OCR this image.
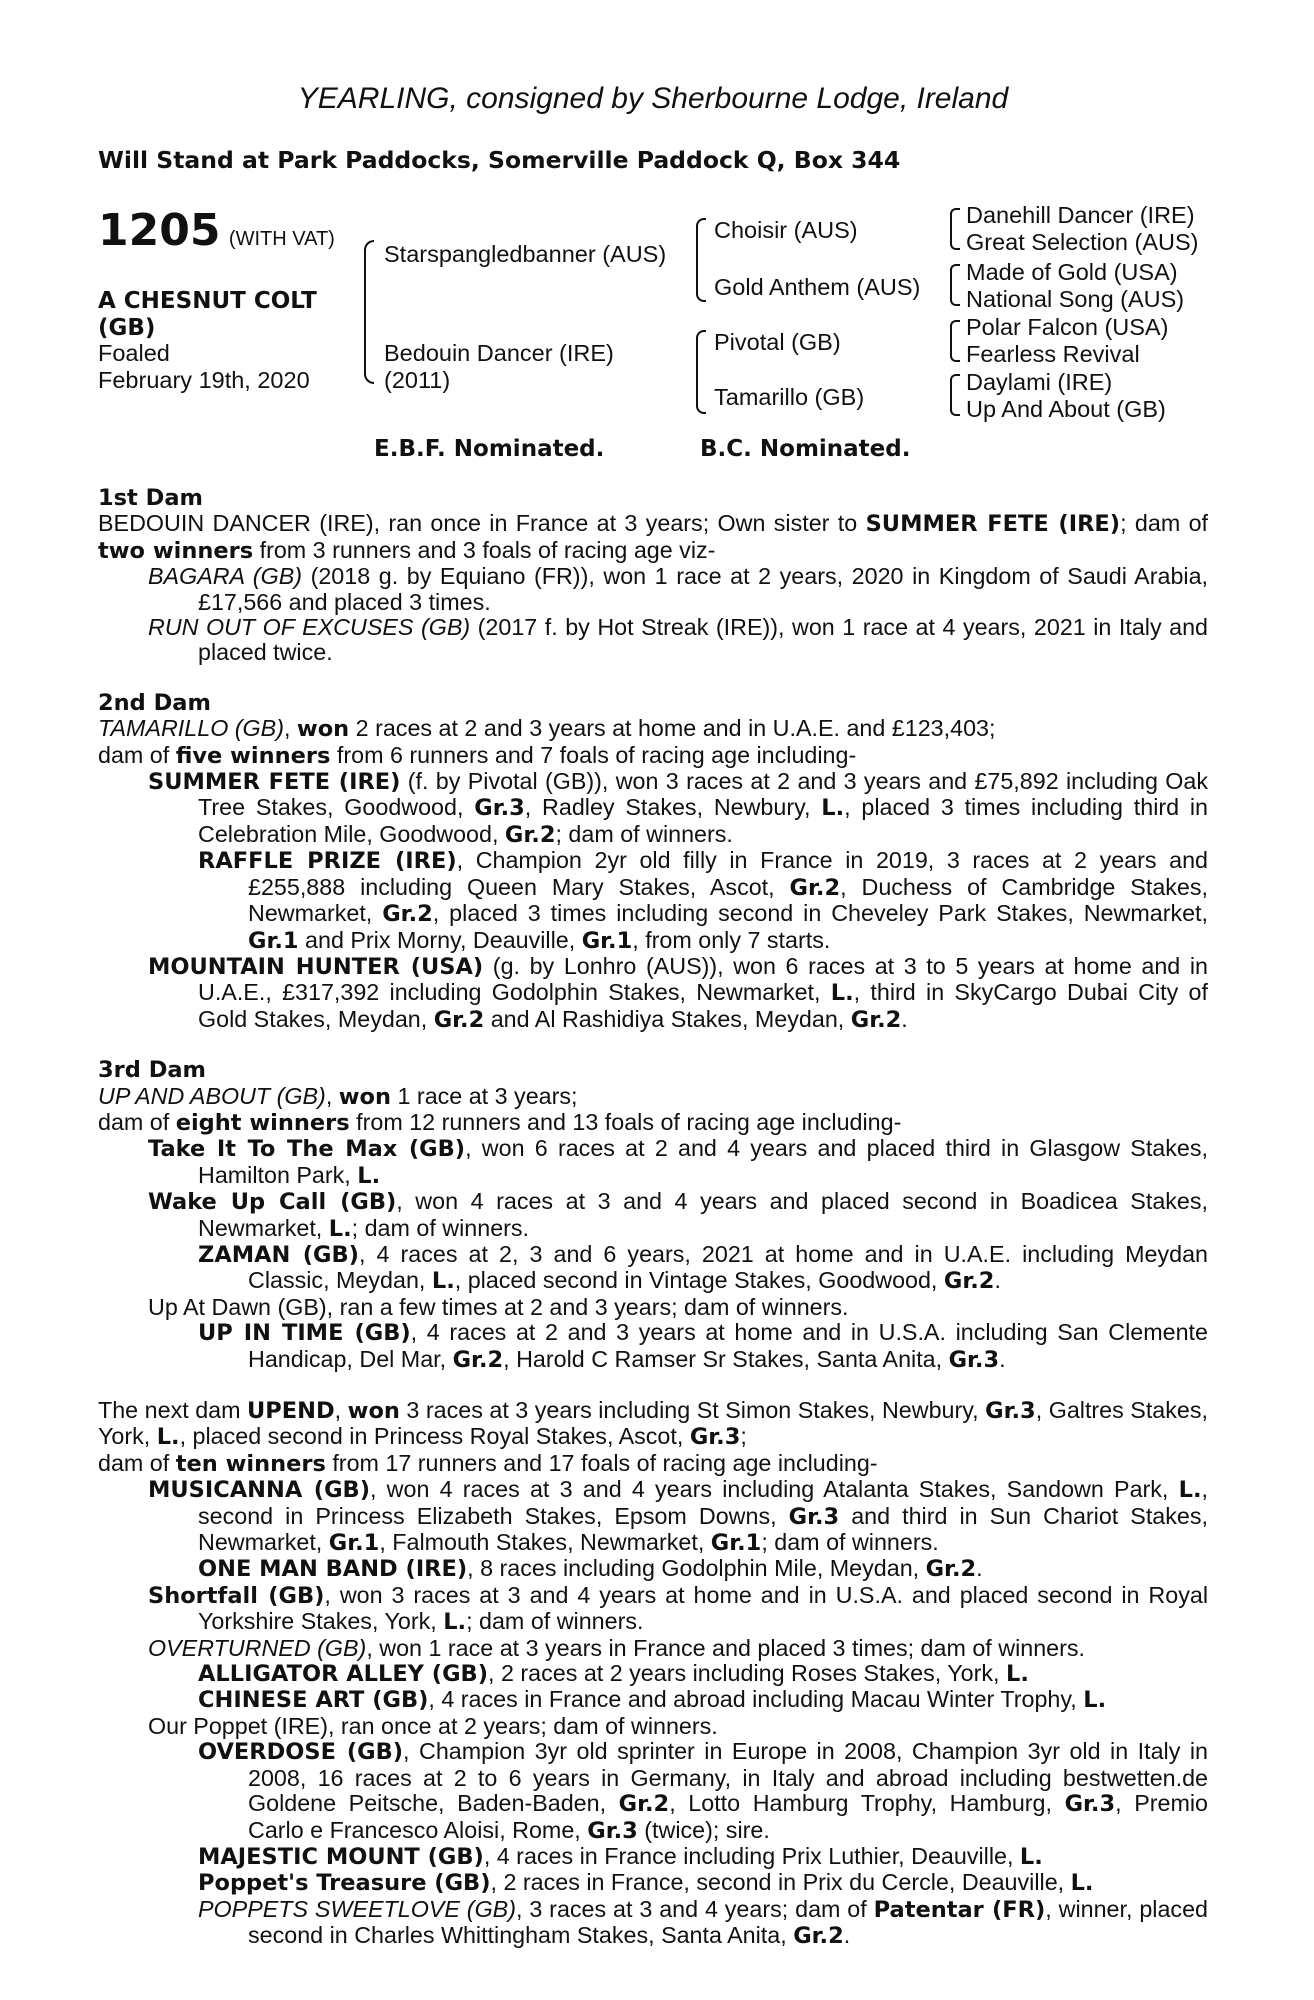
YEARLING, consigned by Sherbourne Lodge, Ireland
Will Stand at Park Paddocks, Somerville Paddock Q, Box 344
1205 (WITH VAT)
A CHESNUT COLT
(GB)
Foaled
February 19th, 2020
Starspangledbanner (AUS)
Bedouin Dancer (IRE)
(2011)
Choisir (AUS)
Gold Anthem (AUS)
Pivotal (GB)
Tamarillo (GB)
Danehill Dancer (IRE)
Great Selection (AUS)
Made of Gold (USA)
National Song (AUS)
Polar Falcon (USA)
Fearless Revival
Daylami (IRE)
Up And About (GB)
E.B.F. Nominated.	B.C. Nominated.
1st Dam
BEDOUIN DANCER (IRE), ran once in France at 3 years; Own sister to SUMMER FETE (IRE); dam of two winners from 3 runners and 3 foals of racing age viz-
BAGARA (GB) (2018 g. by Equiano (FR)), won 1 race at 2 years, 2020 in Kingdom of Saudi Arabia, £17,566 and placed 3 times.
RUN OUT OF EXCUSES (GB) (2017 f. by Hot Streak (IRE)), won 1 race at 4 years, 2021 in Italy and placed twice.
2nd Dam
TAMARILLO (GB), won 2 races at 2 and 3 years at home and in U.A.E. and £123,403;
dam of five winners from 6 runners and 7 foals of racing age including-
SUMMER FETE (IRE) (f. by Pivotal (GB)), won 3 races at 2 and 3 years and £75,892 including Oak Tree Stakes, Goodwood, Gr.3, Radley Stakes, Newbury, L., placed 3 times including third in Celebration Mile, Goodwood, Gr.2; dam of winners.
RAFFLE PRIZE (IRE), Champion 2yr old filly in France in 2019, 3 races at 2 years and £255,888 including Queen Mary Stakes, Ascot, Gr.2, Duchess of Cambridge Stakes, Newmarket, Gr.2, placed 3 times including second in Cheveley Park Stakes, Newmarket, Gr.1 and Prix Morny, Deauville, Gr.1, from only 7 starts.
MOUNTAIN HUNTER (USA) (g. by Lonhro (AUS)), won 6 races at 3 to 5 years at home and in U.A.E., £317,392 including Godolphin Stakes, Newmarket, L., third in SkyCargo Dubai City of Gold Stakes, Meydan, Gr.2 and Al Rashidiya Stakes, Meydan, Gr.2.
3rd Dam
UP AND ABOUT (GB), won 1 race at 3 years;
dam of eight winners from 12 runners and 13 foals of racing age including-
Take It To The Max (GB), won 6 races at 2 and 4 years and placed third in Glasgow Stakes, Hamilton Park, L.
Wake Up Call (GB), won 4 races at 3 and 4 years and placed second in Boadicea Stakes, Newmarket, L.; dam of winners.
ZAMAN (GB), 4 races at 2, 3 and 6 years, 2021 at home and in U.A.E. including Meydan Classic, Meydan, L., placed second in Vintage Stakes, Goodwood, Gr.2.
Up At Dawn (GB), ran a few times at 2 and 3 years; dam of winners.
UP IN TIME (GB), 4 races at 2 and 3 years at home and in U.S.A. including San Clemente Handicap, Del Mar, Gr.2, Harold C Ramser Sr Stakes, Santa Anita, Gr.3.
The next dam UPEND, won 3 races at 3 years including St Simon Stakes, Newbury, Gr.3, Galtres Stakes, York, L., placed second in Princess Royal Stakes, Ascot, Gr.3;
dam of ten winners from 17 runners and 17 foals of racing age including-
MUSICANNA (GB), won 4 races at 3 and 4 years including Atalanta Stakes, Sandown Park, L., second in Princess Elizabeth Stakes, Epsom Downs, Gr.3 and third in Sun Chariot Stakes, Newmarket, Gr.1, Falmouth Stakes, Newmarket, Gr.1; dam of winners.
ONE MAN BAND (IRE), 8 races including Godolphin Mile, Meydan, Gr.2.
Shortfall (GB), won 3 races at 3 and 4 years at home and in U.S.A. and placed second in Royal Yorkshire Stakes, York, L.; dam of winners.
OVERTURNED (GB), won 1 race at 3 years in France and placed 3 times; dam of winners.
ALLIGATOR ALLEY (GB), 2 races at 2 years including Roses Stakes, York, L.
CHINESE ART (GB), 4 races in France and abroad including Macau Winter Trophy, L.
Our Poppet (IRE), ran once at 2 years; dam of winners.
OVERDOSE (GB), Champion 3yr old sprinter in Europe in 2008, Champion 3yr old in Italy in 2008, 16 races at 2 to 6 years in Germany, in Italy and abroad including bestwetten.de Goldene Peitsche, Baden-Baden, Gr.2, Lotto Hamburg Trophy, Hamburg, Gr.3, Premio Carlo e Francesco Aloisi, Rome, Gr.3 (twice); sire.
MAJESTIC MOUNT (GB), 4 races in France including Prix Luthier, Deauville, L.
Poppet's Treasure (GB), 2 races in France, second in Prix du Cercle, Deauville, L.
POPPETS SWEETLOVE (GB), 3 races at 3 and 4 years; dam of Patentar (FR), winner, placed second in Charles Whittingham Stakes, Santa Anita, Gr.2.
